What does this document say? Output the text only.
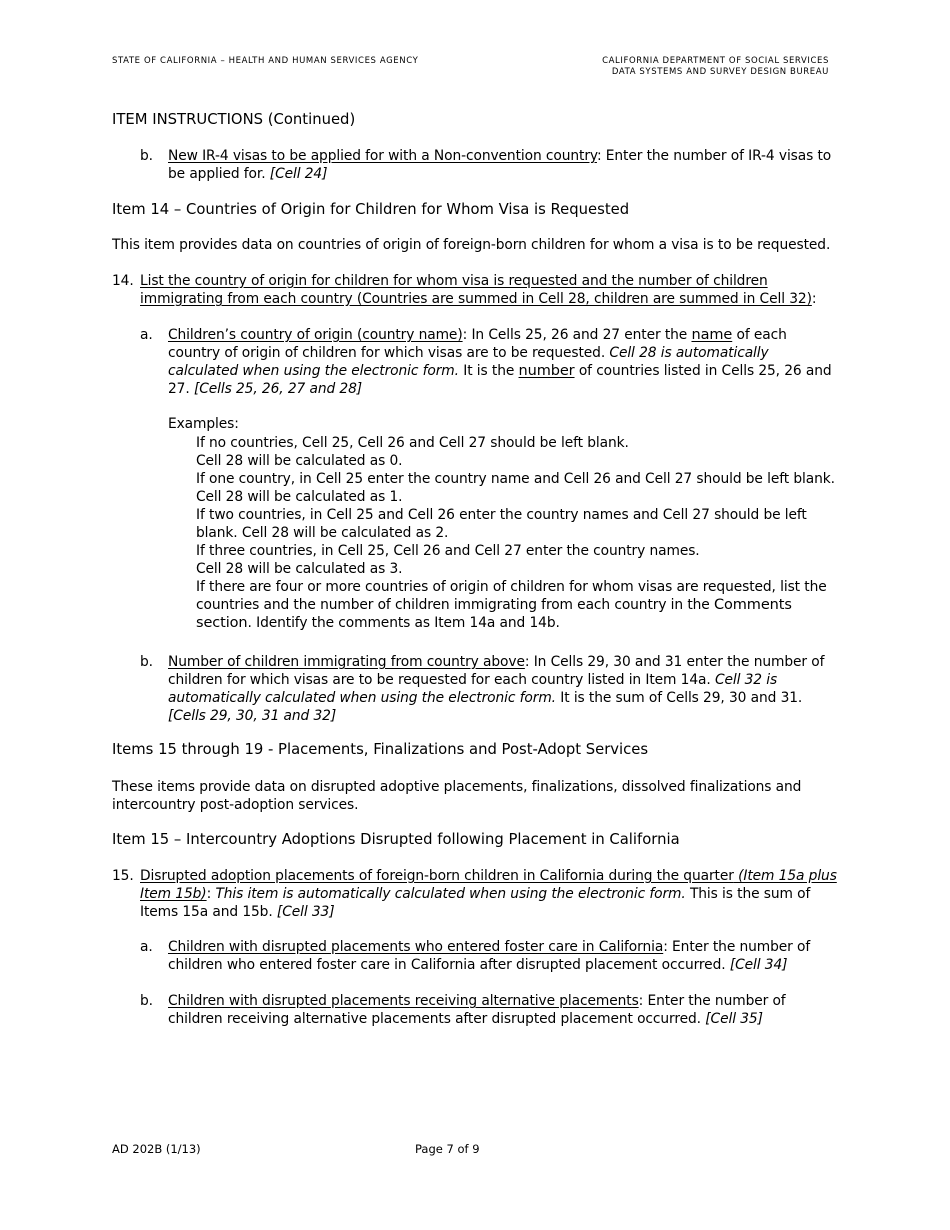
STATE OF CALIFORNIA – HEALTH AND HUMAN SERVICES AGENCY	CALIFORNIA DEPARTMENT OF SOCIAL SERVICES
DATA SYSTEMS AND SURVEY DESIGN BUREAU
ITEM INSTRUCTIONS (Continued)
b. New IR-4 visas to be applied for with a Non-convention country: Enter the number of IR-4 visas to be applied for. [Cell 24]
Item 14 – Countries of Origin for Children for Whom Visa is Requested
This item provides data on countries of origin of foreign-born children for whom a visa is to be requested.
14. List the country of origin for children for whom visa is requested and the number of children immigrating from each country (Countries are summed in Cell 28, children are summed in Cell 32):
a. Children’s country of origin (country name): In Cells 25, 26 and 27 enter the name of each country of origin of children for which visas are to be requested. Cell 28 is automatically calculated when using the electronic form. It is the number of countries listed in Cells 25, 26 and 27. [Cells 25, 26, 27 and 28]
Examples:
If no countries, Cell 25, Cell 26 and Cell 27 should be left blank.
Cell 28 will be calculated as 0.
If one country, in Cell 25 enter the country name and Cell 26 and Cell 27 should be left blank.
Cell 28 will be calculated as 1.
If two countries, in Cell 25 and Cell 26 enter the country names and Cell 27 should be left blank. Cell 28 will be calculated as 2.
If three countries, in Cell 25, Cell 26 and Cell 27 enter the country names.
Cell 28 will be calculated as 3.
If there are four or more countries of origin of children for whom visas are requested, list the countries and the number of children immigrating from each country in the Comments section. Identify the comments as Item 14a and 14b.
b. Number of children immigrating from country above: In Cells 29, 30 and 31 enter the number of children for which visas are to be requested for each country listed in Item 14a. Cell 32 is automatically calculated when using the electronic form. It is the sum of Cells 29, 30 and 31. [Cells 29, 30, 31 and 32]
Items 15 through 19 - Placements, Finalizations and Post-Adopt Services
These items provide data on disrupted adoptive placements, finalizations, dissolved finalizations and intercountry post-adoption services.
Item 15 – Intercountry Adoptions Disrupted following Placement in California
15. Disrupted adoption placements of foreign-born children in California during the quarter (Item 15a plus Item 15b): This item is automatically calculated when using the electronic form. This is the sum of Items 15a and 15b. [Cell 33]
a. Children with disrupted placements who entered foster care in California: Enter the number of children who entered foster care in California after disrupted placement occurred. [Cell 34]
b. Children with disrupted placements receiving alternative placements: Enter the number of children receiving alternative placements after disrupted placement occurred. [Cell 35]
AD 202B (1/13)	Page 7 of 9
